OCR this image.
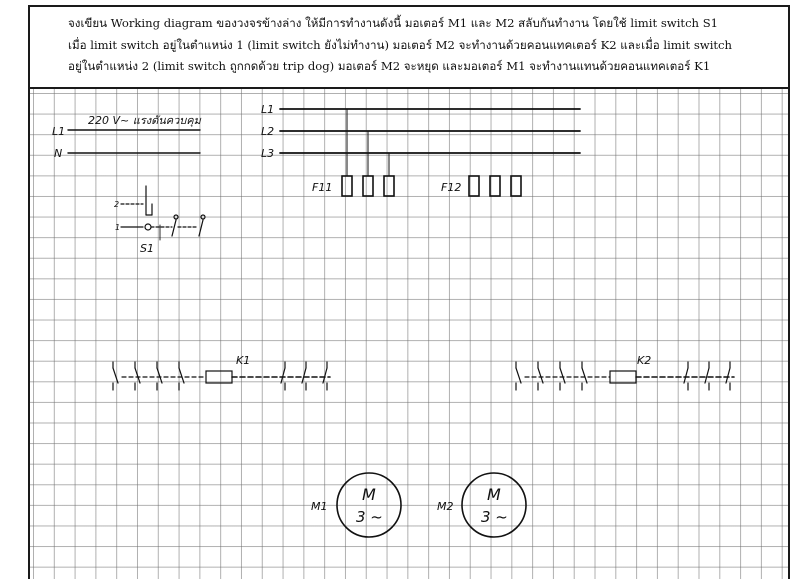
จงเขียน Working diagram ของวงจรข้างล่าง ให้มีการทำงานดังนี้ มอเตอร์ M1 และ M2 สลับกันทำงาน โดยใช้ limit switch S1
เมื่อ limit switch อยู่ในตำแหน่ง 1 (limit switch ยังไม่ทำงาน) มอเตอร์ M2 จะทำงานด้วยคอนแทคเตอร์ K2 และเมื่อ limit switch
อยู่ในตำแหน่ง 2 (limit switch ถูกกดด้วย trip dog) มอเตอร์ M2 จะหยุด และมอเตอร์ M1 จะทำงานแทนด้วยคอนแทคเตอร์ K1
220 V~ แรงดันควบคุม
L1
N
L1
L2
L3
F11	F12
2
1
S1
K1	K2
M1
M
3 ~
M2
M
3 ~
